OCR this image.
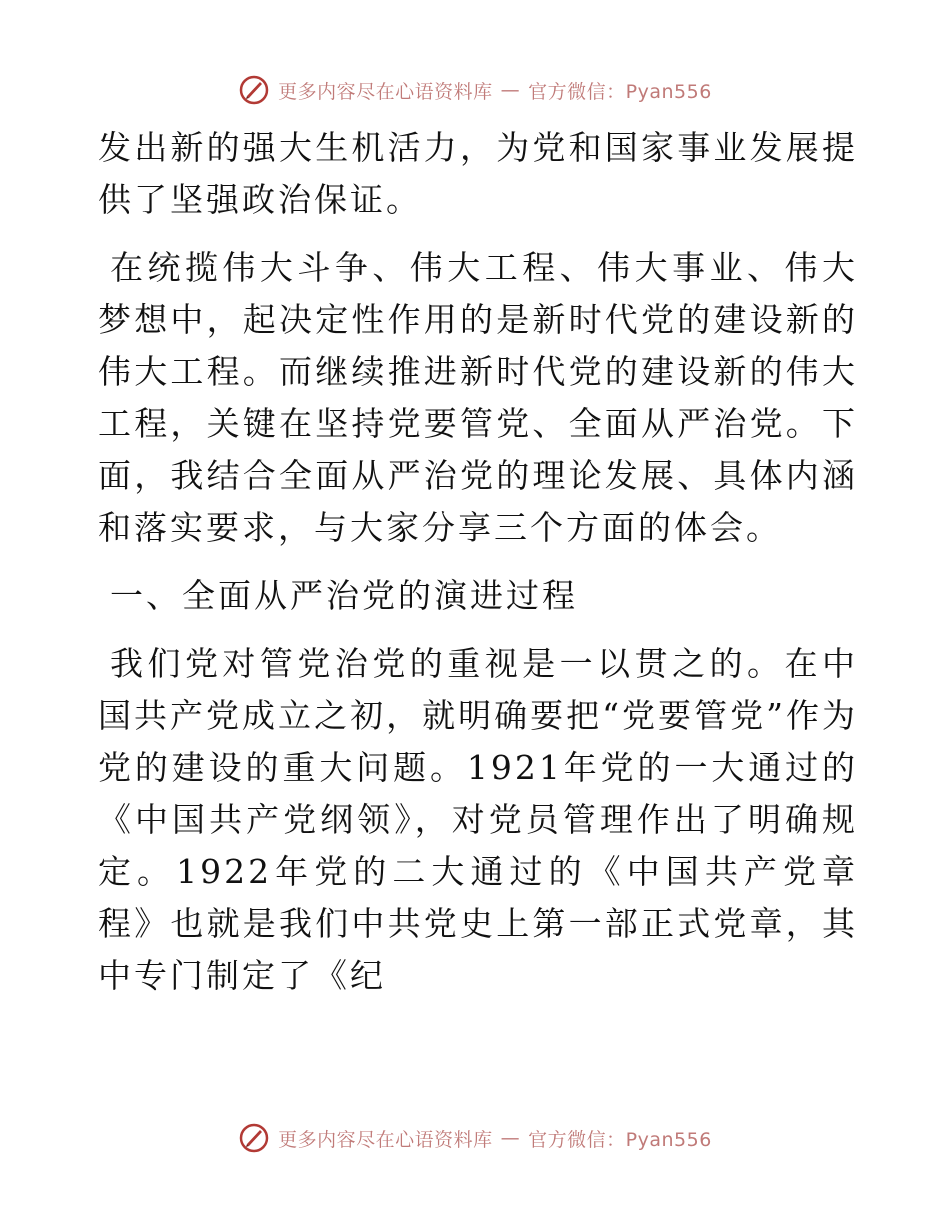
更多内容尽在心语资料库 — 官方微信：Pyan556

发出新的强大生机活力，为党和国家事业发展提供了坚强政治保证。

在统揽伟大斗争、伟大工程、伟大事业、伟大梦想中，起决定性作用的是新时代党的建设新的伟大工程。而继续推进新时代党的建设新的伟大工程，关键在坚持党要管党、全面从严治党。下面，我结合全面从严治党的理论发展、具体内涵和落实要求，与大家分享三个方面的体会。

一、全面从严治党的演进过程

我们党对管党治党的重视是一以贯之的。在中国共产党成立之初，就明确要把“党要管党”作为党的建设的重大问题。1921年党的一大通过的《中国共产党纲领》，对党员管理作出了明确规定。1922年党的二大通过的《中国共产党章程》也就是我们中共党史上第一部正式党章，其中专门制定了《纪

更多内容尽在心语资料库 — 官方微信：Pyan556
